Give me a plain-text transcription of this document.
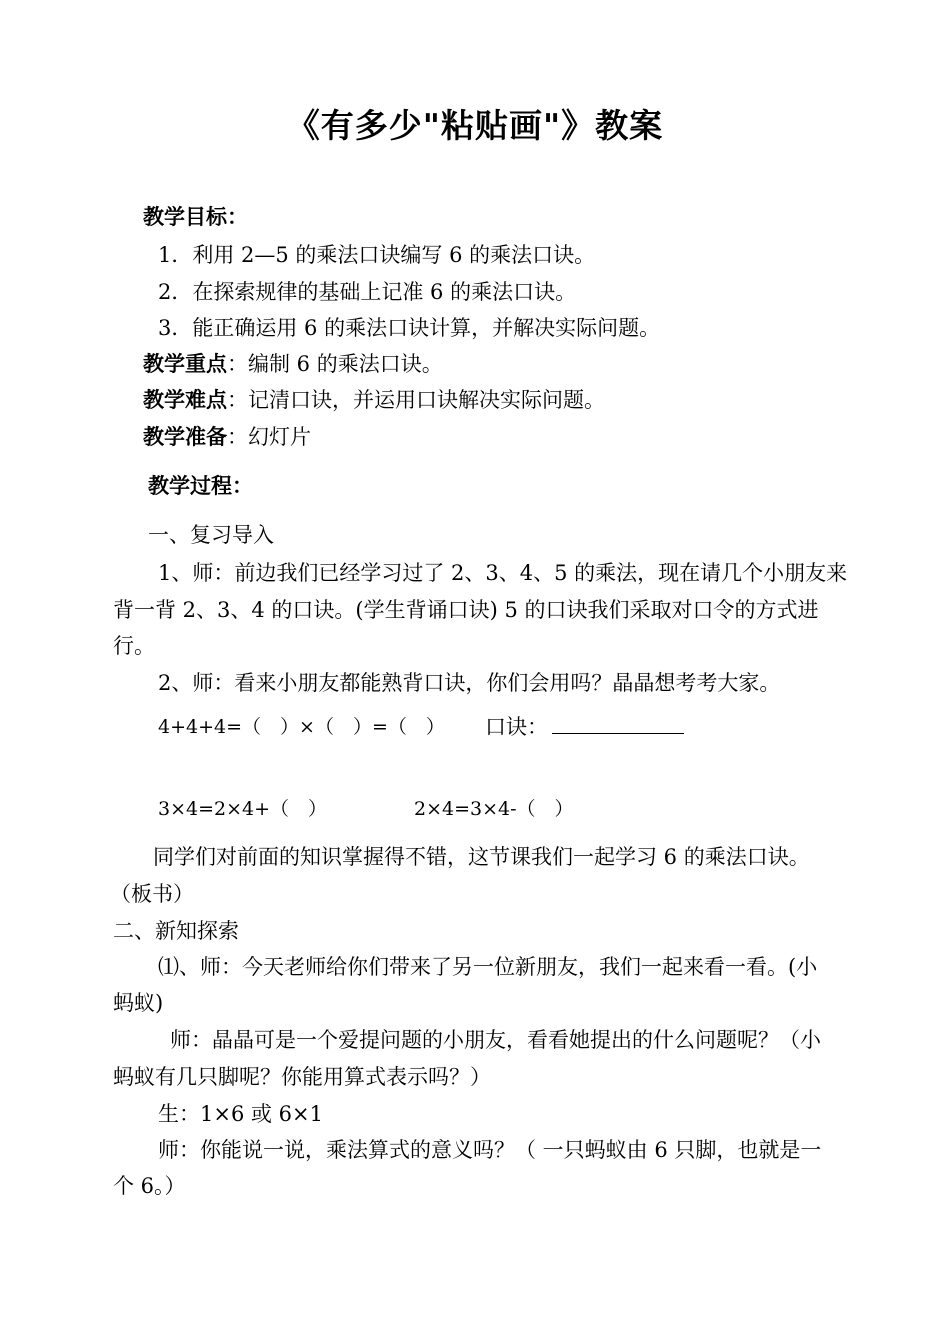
《有多少"粘贴画"》教案
教学目标：
1．利用 2—5 的乘法口诀编写 6 的乘法口诀。
2．在探索规律的基础上记准 6 的乘法口诀。
3．能正确运用 6 的乘法口诀计算，并解决实际问题。
教学重点：编制 6 的乘法口诀。
教学难点：记清口诀，并运用口诀解决实际问题。
教学准备：幻灯片
教学过程：
一、复习导入
1、师：前边我们已经学习过了 2、3、4、5 的乘法，现在请几个小朋友来
背一背 2、3、4 的口诀。(学生背诵口诀) 5 的口诀我们采取对口令的方式进
行。
2、师：看来小朋友都能熟背口诀，你们会用吗？晶晶想考考大家。
4+4+4=（　）×（　）=（　） 口诀：
3×4=2×4+（　）	2×4=3×4-（　）
同学们对前面的知识掌握得不错，这节课我们一起学习 6 的乘法口诀。
（板书）
二、新知探索
⑴、师：今天老师给你们带来了另一位新朋友，我们一起来看一看。(小
蚂蚁)
师：晶晶可是一个爱提问题的小朋友，看看她提出的什么问题呢？（小
蚂蚁有几只脚呢？你能用算式表示吗？）
生：1×6 或 6×1
师：你能说一说，乘法算式的意义吗？（ 一只蚂蚁由 6 只脚，也就是一
个 6。）
